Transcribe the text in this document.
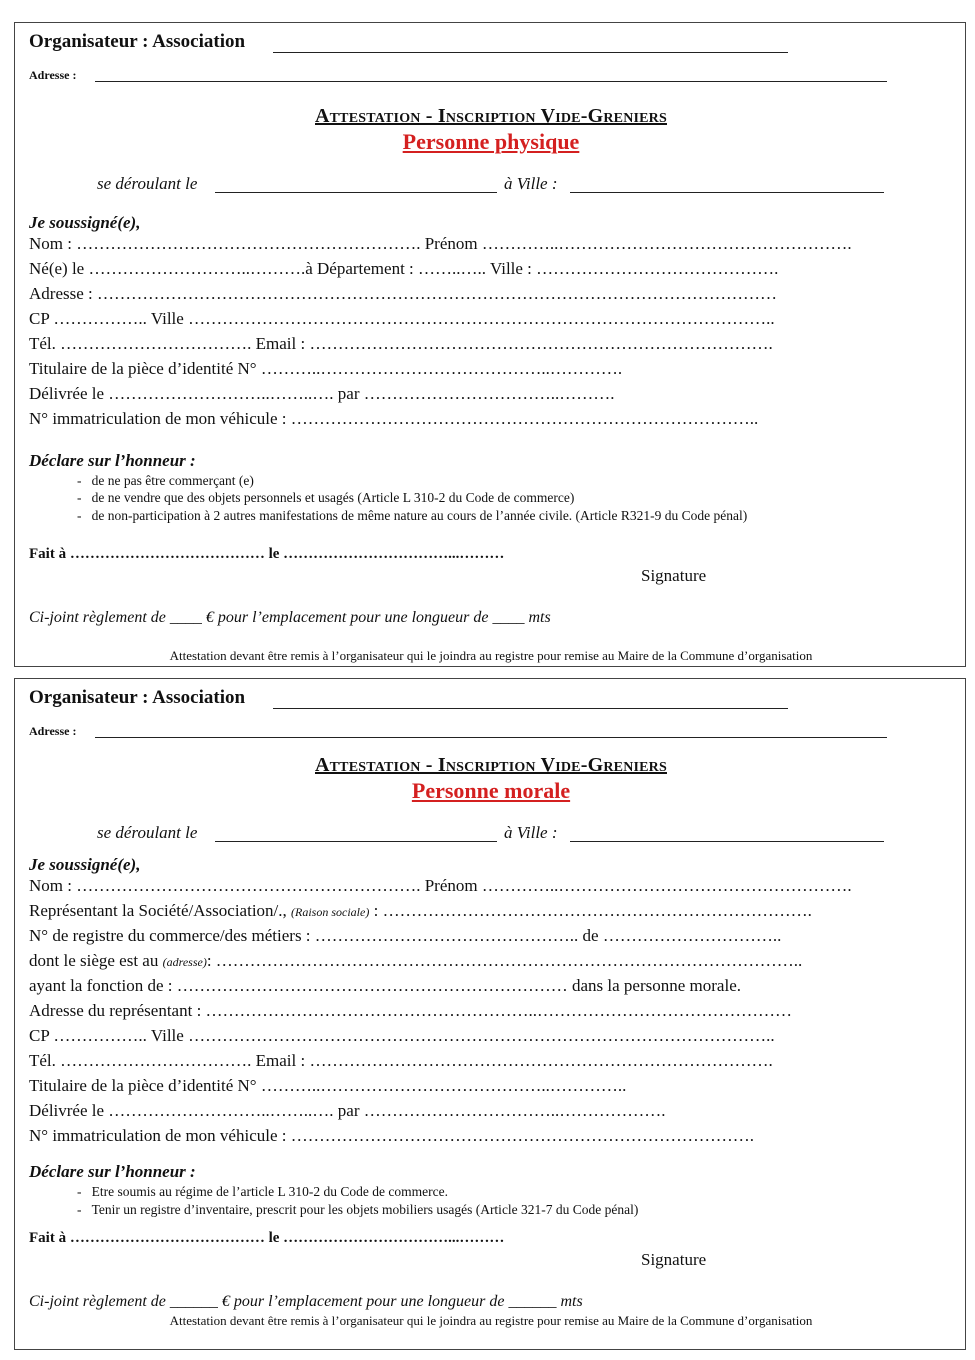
Organisateur : Association
Adresse :
Attestation - Inscription Vide-Greniers
Personne physique
se déroulant le	à Ville :
Je soussigné(e),
Nom : ……………………………………………………. Prénom …………..…………………………………………….
Né(e) le ………………………..……….à Département : ……..….. Ville : …………………………………….
Adresse : …………………………………………………………………………………………………………
CP …………….. Ville …………………………………………………………………………………………..
Tél. ……………………………. Email : ……………………………………………………………………….
Titulaire de la pièce d’identité N° ………..…………………………………..………….
Délivrée le ………………………..……..…. par ……………………………..……….
N° immatriculation de mon véhicule : ………………………………………………………………………..
Déclare sur l’honneur :
-   de ne pas être commerçant (e)
-   de ne vendre que des objets personnels et usagés (Article L 310-2 du Code de commerce)
-   de non-participation à 2 autres manifestations de même nature au cours de l’année civile. (Article R321-9 du Code pénal)
Fait à ………………………………… le ……………………………...………
Signature
Ci-joint règlement de ____ € pour l’emplacement pour une longueur de ____ mts
Attestation devant être remis à l’organisateur qui le joindra au registre pour remise au Maire de la Commune d’organisation
Organisateur : Association
Adresse :
Attestation - Inscription Vide-Greniers
Personne morale
se déroulant le	à Ville :
Je soussigné(e),
Nom : ……………………………………………………. Prénom …………..…………………………………………….
Représentant la Société/Association/., (Raison sociale) : ………………………………………………………………….
N° de registre du commerce/des métiers : ……………………………………….. de …………………………..
dont le siège est au (adresse): …………………………………………………………………………………………..
ayant la fonction de : …………………………………………………………… dans la personne morale.
Adresse du représentant : …………………………………………………..………………………………………
CP …………….. Ville …………………………………………………………………………………………..
Tél. ……………………………. Email : ……………………………………………………………………….
Titulaire de la pièce d’identité N° ………..…………………………………..…………..
Délivrée le ………………………..……..…. par ……………………………..……………….
N° immatriculation de mon véhicule : ……………………………………………………………………….
Déclare sur l’honneur :
-   Etre soumis au régime de l’article L 310-2 du Code de commerce.
-   Tenir un registre d’inventaire, prescrit pour les objets mobiliers usagés (Article 321-7 du Code pénal)
Fait à ………………………………… le ……………………………...………
Signature
Ci-joint règlement de ______ € pour l’emplacement pour une longueur de ______ mts
Attestation devant être remis à l’organisateur qui le joindra au registre pour remise au Maire de la Commune d’organisation
